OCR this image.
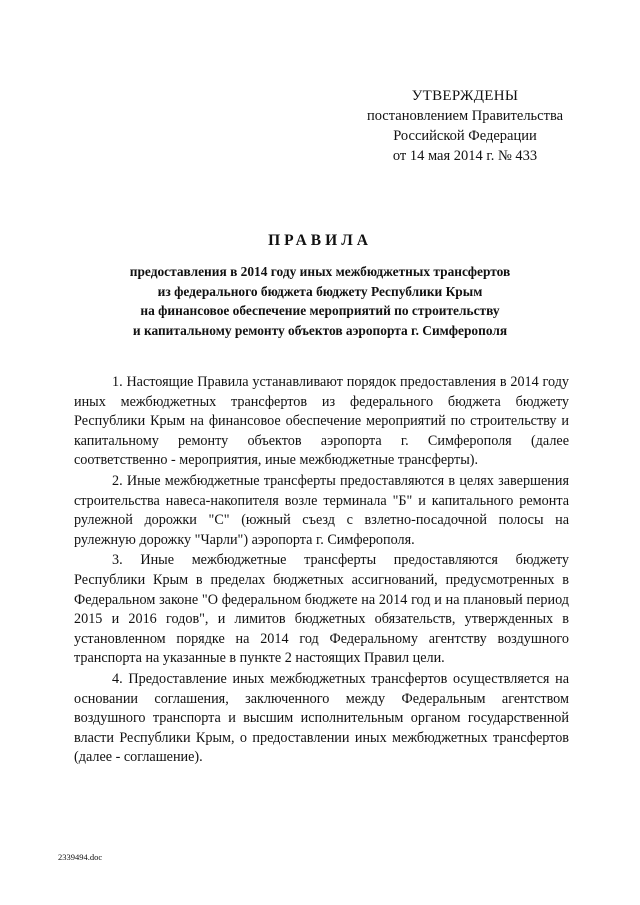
УТВЕРЖДЕНЫ
постановлением Правительства
Российской Федерации
от 14 мая 2014 г. № 433
ПРАВИЛА
предоставления в 2014 году иных межбюджетных трансфертов
из федерального бюджета бюджету Республики Крым
на финансовое обеспечение мероприятий по строительству
и капитальному ремонту объектов аэропорта г. Симферополя

1. Настоящие Правила устанавливают порядок предоставления в 2014 году иных межбюджетных трансфертов из федерального бюджета бюджету Республики Крым на финансовое обеспечение мероприятий по строительству и капитальному ремонту объектов аэропорта г. Симферополя (далее соответственно - мероприятия, иные межбюджетные трансферты).

2. Иные межбюджетные трансферты предоставляются в целях завершения строительства навеса-накопителя возле терминала "Б" и капитального ремонта рулежной дорожки "С" (южный съезд с взлетно-посадочной полосы на рулежную дорожку "Чарли") аэропорта г. Симферополя.

3. Иные межбюджетные трансферты предоставляются бюджету Республики Крым в пределах бюджетных ассигнований, предусмотренных в Федеральном законе "О федеральном бюджете на 2014 год и на плановый период 2015 и 2016 годов", и лимитов бюджетных обязательств, утвержденных в установленном порядке на 2014 год Федеральному агентству воздушного транспорта на указанные в пункте 2 настоящих Правил цели.

4. Предоставление иных межбюджетных трансфертов осуществляется на основании соглашения, заключенного между Федеральным агентством воздушного транспорта и высшим исполнительным органом государственной власти Республики Крым, о предоставлении иных межбюджетных трансфертов (далее - соглашение).

2339494.doc
